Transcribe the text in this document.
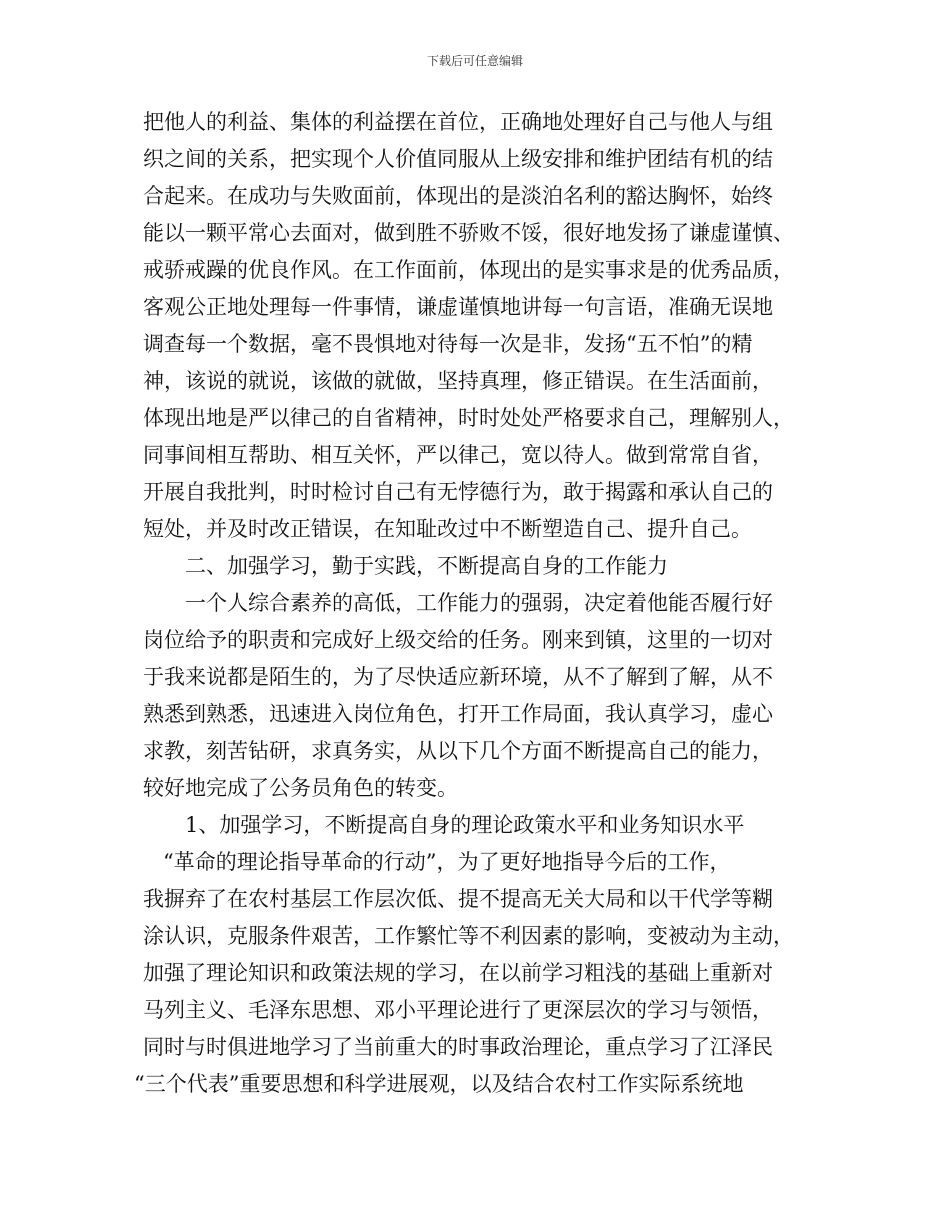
下载后可任意编辑
把他人的利益、集体的利益摆在首位，正确地处理好自己与他人与组
织之间的关系，把实现个人价值同服从上级安排和维护团结有机的结
合起来。在成功与失败面前，体现出的是淡泊名利的豁达胸怀，始终
能以一颗平常心去面对，做到胜不骄败不馁，很好地发扬了谦虚谨慎、
戒骄戒躁的优良作风。在工作面前，体现出的是实事求是的优秀品质，
客观公正地处理每一件事情，谦虚谨慎地讲每一句言语，准确无误地
调查每一个数据，毫不畏惧地对待每一次是非，发扬“五不怕”的精
神，该说的就说，该做的就做，坚持真理，修正错误。在生活面前，
体现出地是严以律己的自省精神，时时处处严格要求自己，理解别人，
同事间相互帮助、相互关怀，严以律己，宽以待人。做到常常自省，
开展自我批判，时时检讨自己有无悖德行为，敢于揭露和承认自己的
短处，并及时改正错误，在知耻改过中不断塑造自己、提升自己。
二、加强学习，勤于实践，不断提高自身的工作能力
一个人综合素养的高低，工作能力的强弱，决定着他能否履行好
岗位给予的职责和完成好上级交给的任务。刚来到镇，这里的一切对
于我来说都是陌生的，为了尽快适应新环境，从不了解到了解，从不
熟悉到熟悉，迅速进入岗位角色，打开工作局面，我认真学习，虚心
求教，刻苦钻研，求真务实，从以下几个方面不断提高自己的能力，
较好地完成了公务员角色的转变。
1、加强学习，不断提高自身的理论政策水平和业务知识水平
“革命的理论指导革命的行动”，为了更好地指导今后的工作，
我摒弃了在农村基层工作层次低、提不提高无关大局和以干代学等糊
涂认识，克服条件艰苦，工作繁忙等不利因素的影响，变被动为主动，
加强了理论知识和政策法规的学习，在以前学习粗浅的基础上重新对
马列主义、毛泽东思想、邓小平理论进行了更深层次的学习与领悟，
同时与时俱进地学习了当前重大的时事政治理论，重点学习了江泽民
“三个代表”重要思想和科学进展观，以及结合农村工作实际系统地
